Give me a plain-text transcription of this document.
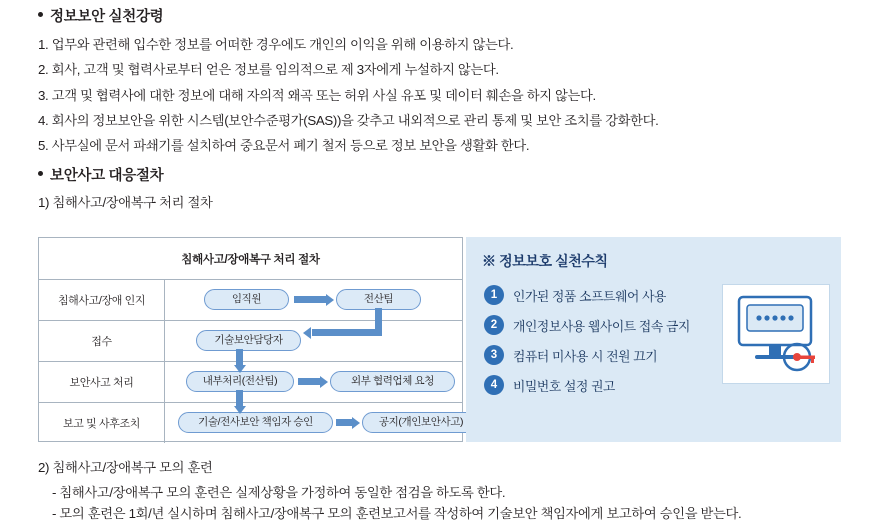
정보보안 실천강령
1. 업무와 관련해 입수한 정보를 어떠한 경우에도 개인의 이익을 위해 이용하지 않는다.
2. 회사, 고객 및 협력사로부터 얻은 정보를 임의적으로 제 3자에게 누설하지 않는다.
3. 고객 및 협력사에 대한 정보에 대해 자의적 왜곡 또는 허위 사실 유포 및 데이터 훼손을 하지 않는다.
4. 회사의 정보보안을 위한 시스템(보안수준평가(SAS))을 갖추고 내외적으로 관리 통제 및 보안 조치를 강화한다.
5. 사무실에 문서 파쇄기를 설치하여 중요문서 폐기 철저 등으로 정보 보안을 생활화 한다.
보안사고 대응절차
1) 침해사고/장애복구 처리 절차
침해사고/장애복구 처리 절차
침해사고/장애 인지	임직원	전산팀
접수	기술보안담당자
보안사고 처리	내부처리(전산팀)	외부 협력업체 요청
보고 및 사후조치	기술/전사보안 책임자 승인	공지(개인보안사고)
※ 정보보호 실천수칙
1	인가된 정품 소프트웨어 사용
2	개인정보사용 웹사이트 접속 금지
3	컴퓨터 미사용 시 전원 끄기
4	비밀번호 설정 권고
2) 침해사고/장애복구 모의 훈련
- 침해사고/장애복구 모의 훈련은 실제상황을 가정하여 동일한 점검을 하도록 한다.
- 모의 훈련은 1회/년 실시하며 침해사고/장애복구 모의 훈련보고서를 작성하여 기술보안 책임자에게 보고하여 승인을 받는다.
